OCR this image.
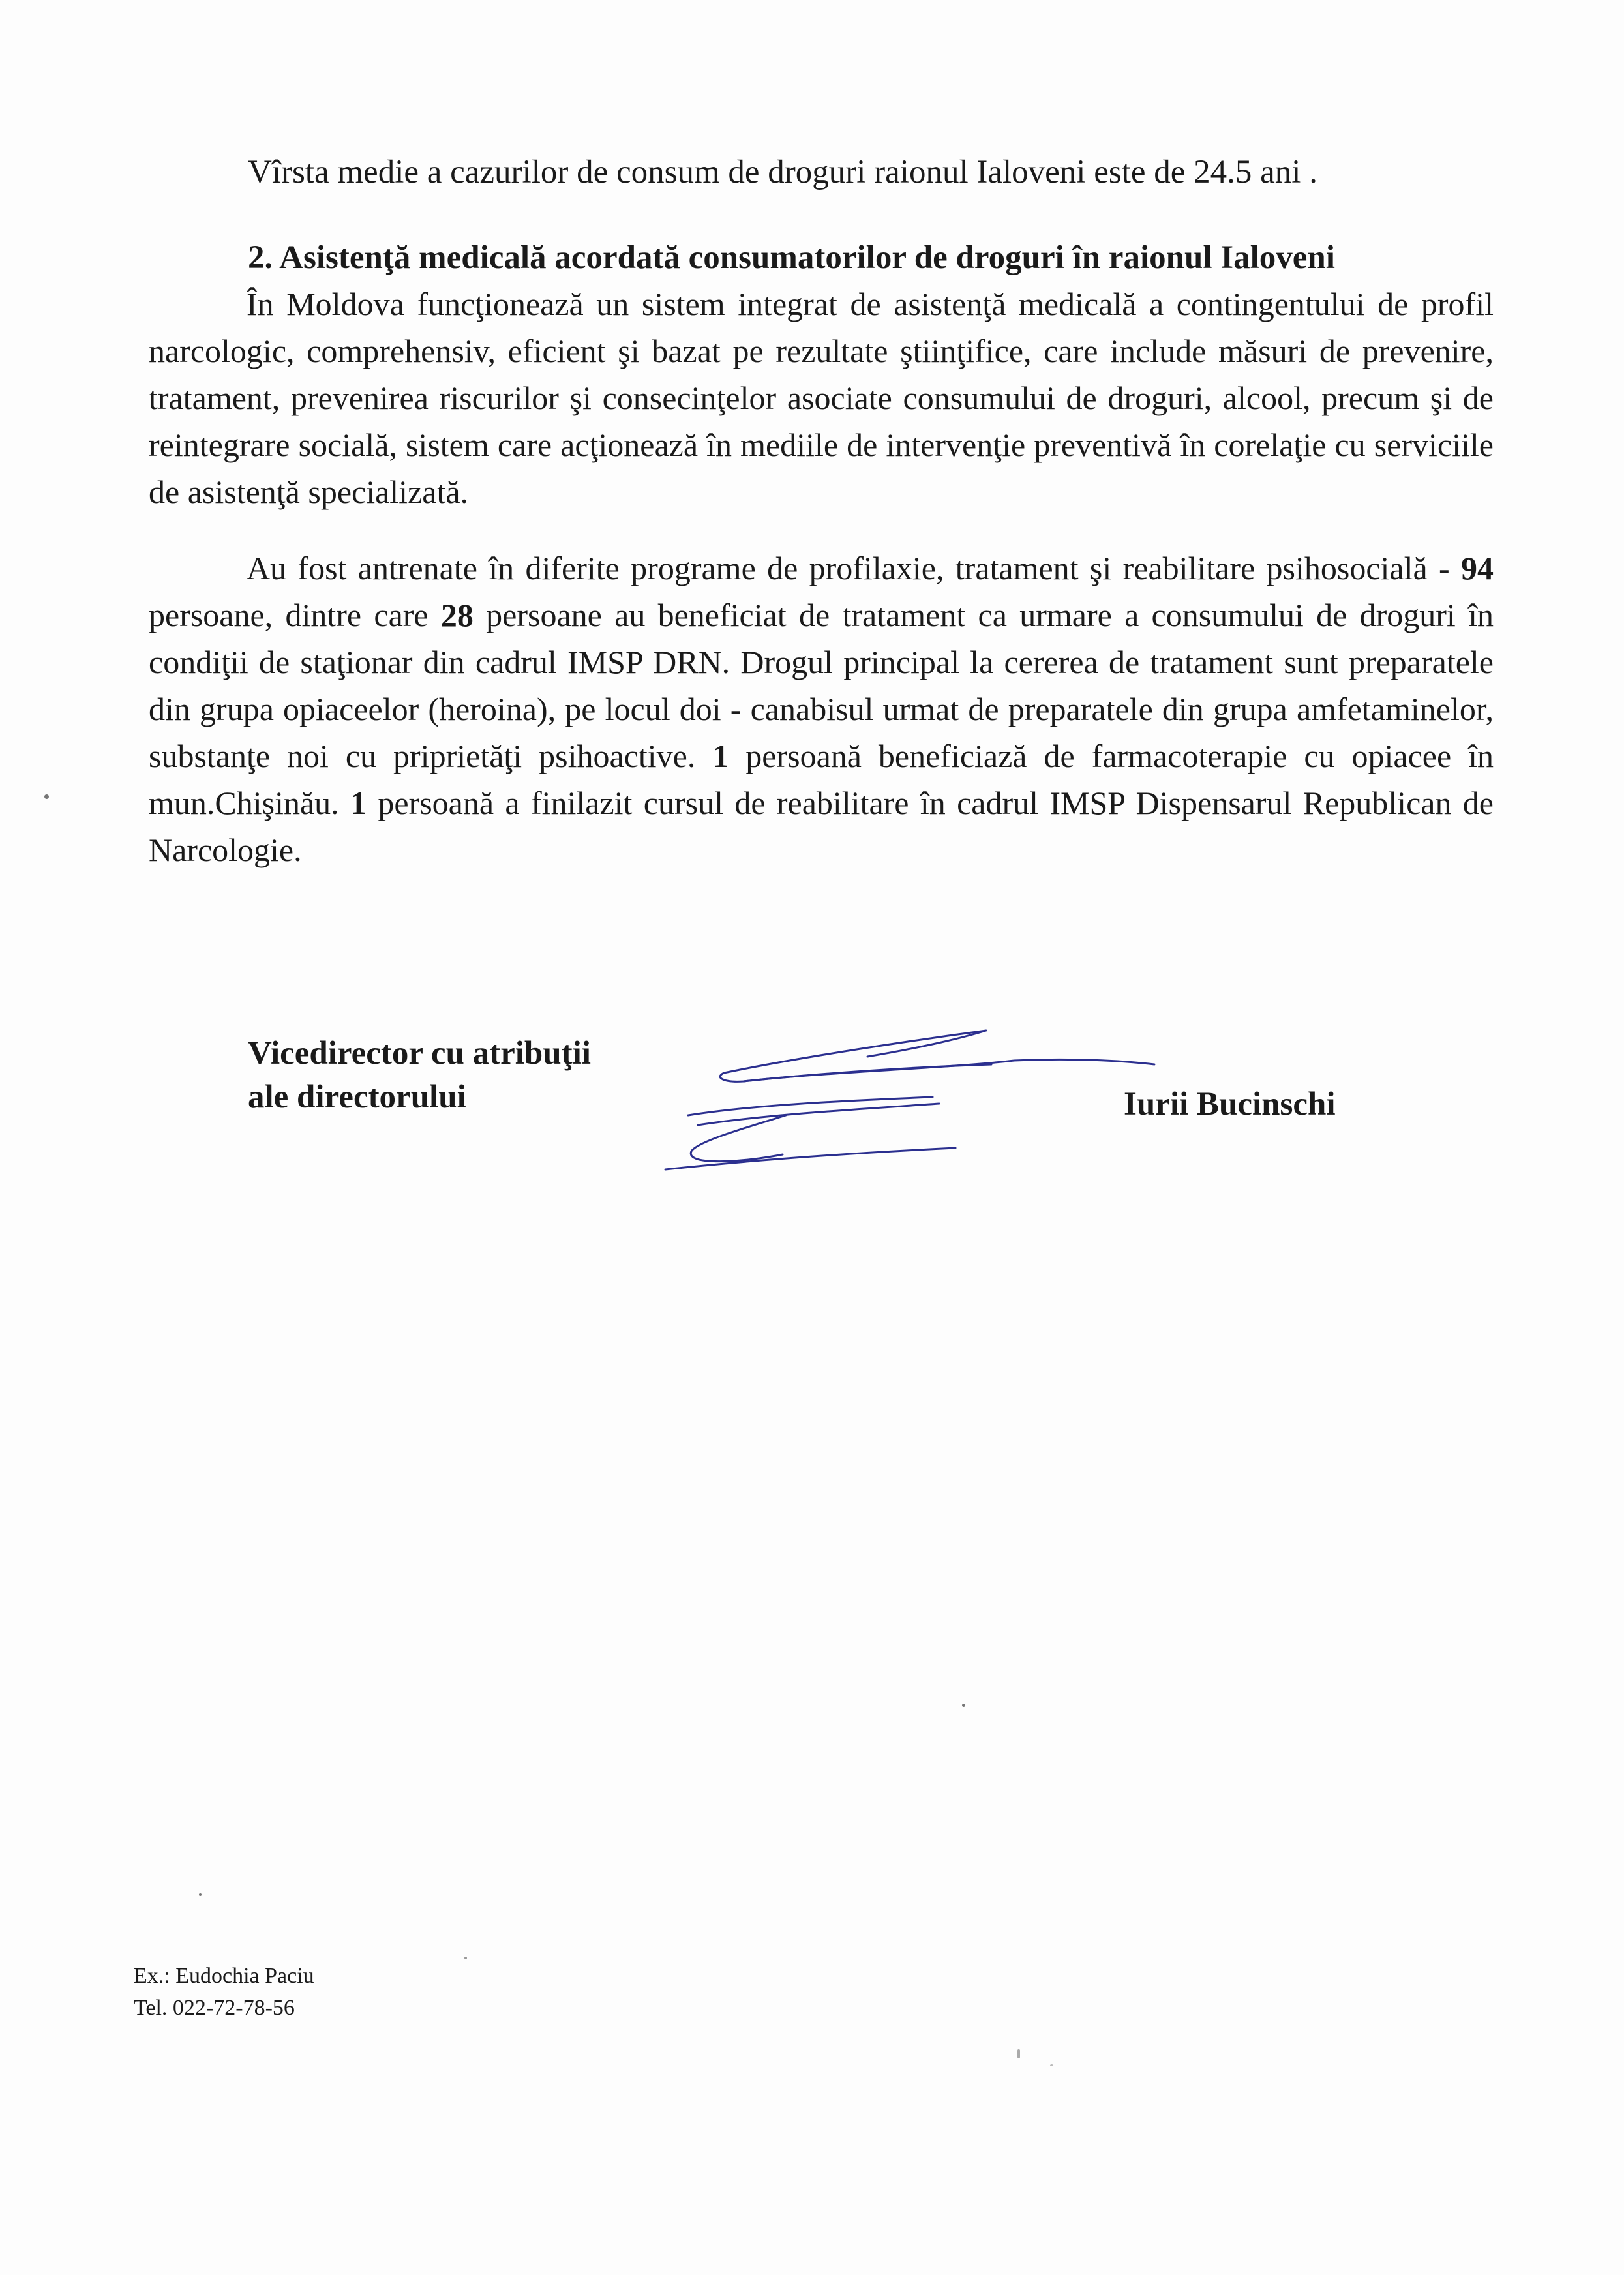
Vîrsta medie a cazurilor de consum de droguri raionul Ialoveni este de 24.5 ani .
2. Asistenţă medicală acordată consumatorilor de droguri în raionul Ialoveni

În Moldova funcţionează un sistem integrat de asistenţă medicală a contingentului de profil narcologic, comprehensiv, eficient şi bazat pe rezultate ştiinţifice, care include măsuri de prevenire, tratament, prevenirea riscurilor şi consecinţelor asociate consumului de droguri, alcool, precum şi de reintegrare socială, sistem care acţionează în mediile de intervenţie preventivă în corelaţie cu serviciile de asistenţă specializată.

Au fost antrenate în diferite programe de profilaxie, tratament şi reabilitare psihosocială - 94 persoane, dintre care 28 persoane au beneficiat de tratament ca urmare a consumului de droguri în condiţii de staţionar din cadrul IMSP DRN. Drogul principal la cererea de tratament sunt preparatele din grupa opiaceelor (heroina), pe locul doi - canabisul urmat de preparatele din grupa amfetaminelor, substanţe noi cu priprietăţi psihoactive. 1 persoană beneficiază de farmacoterapie cu opiacee în mun.Chişinău. 1 persoană a finilazit cursul de reabilitare în cadrul IMSP Dispensarul Republican de Narcologie.

Vicedirector cu atribuţii
ale directorului	Iurii Bucinschi
Ex.: Eudochia Paciu
Tel. 022-72-78-56
